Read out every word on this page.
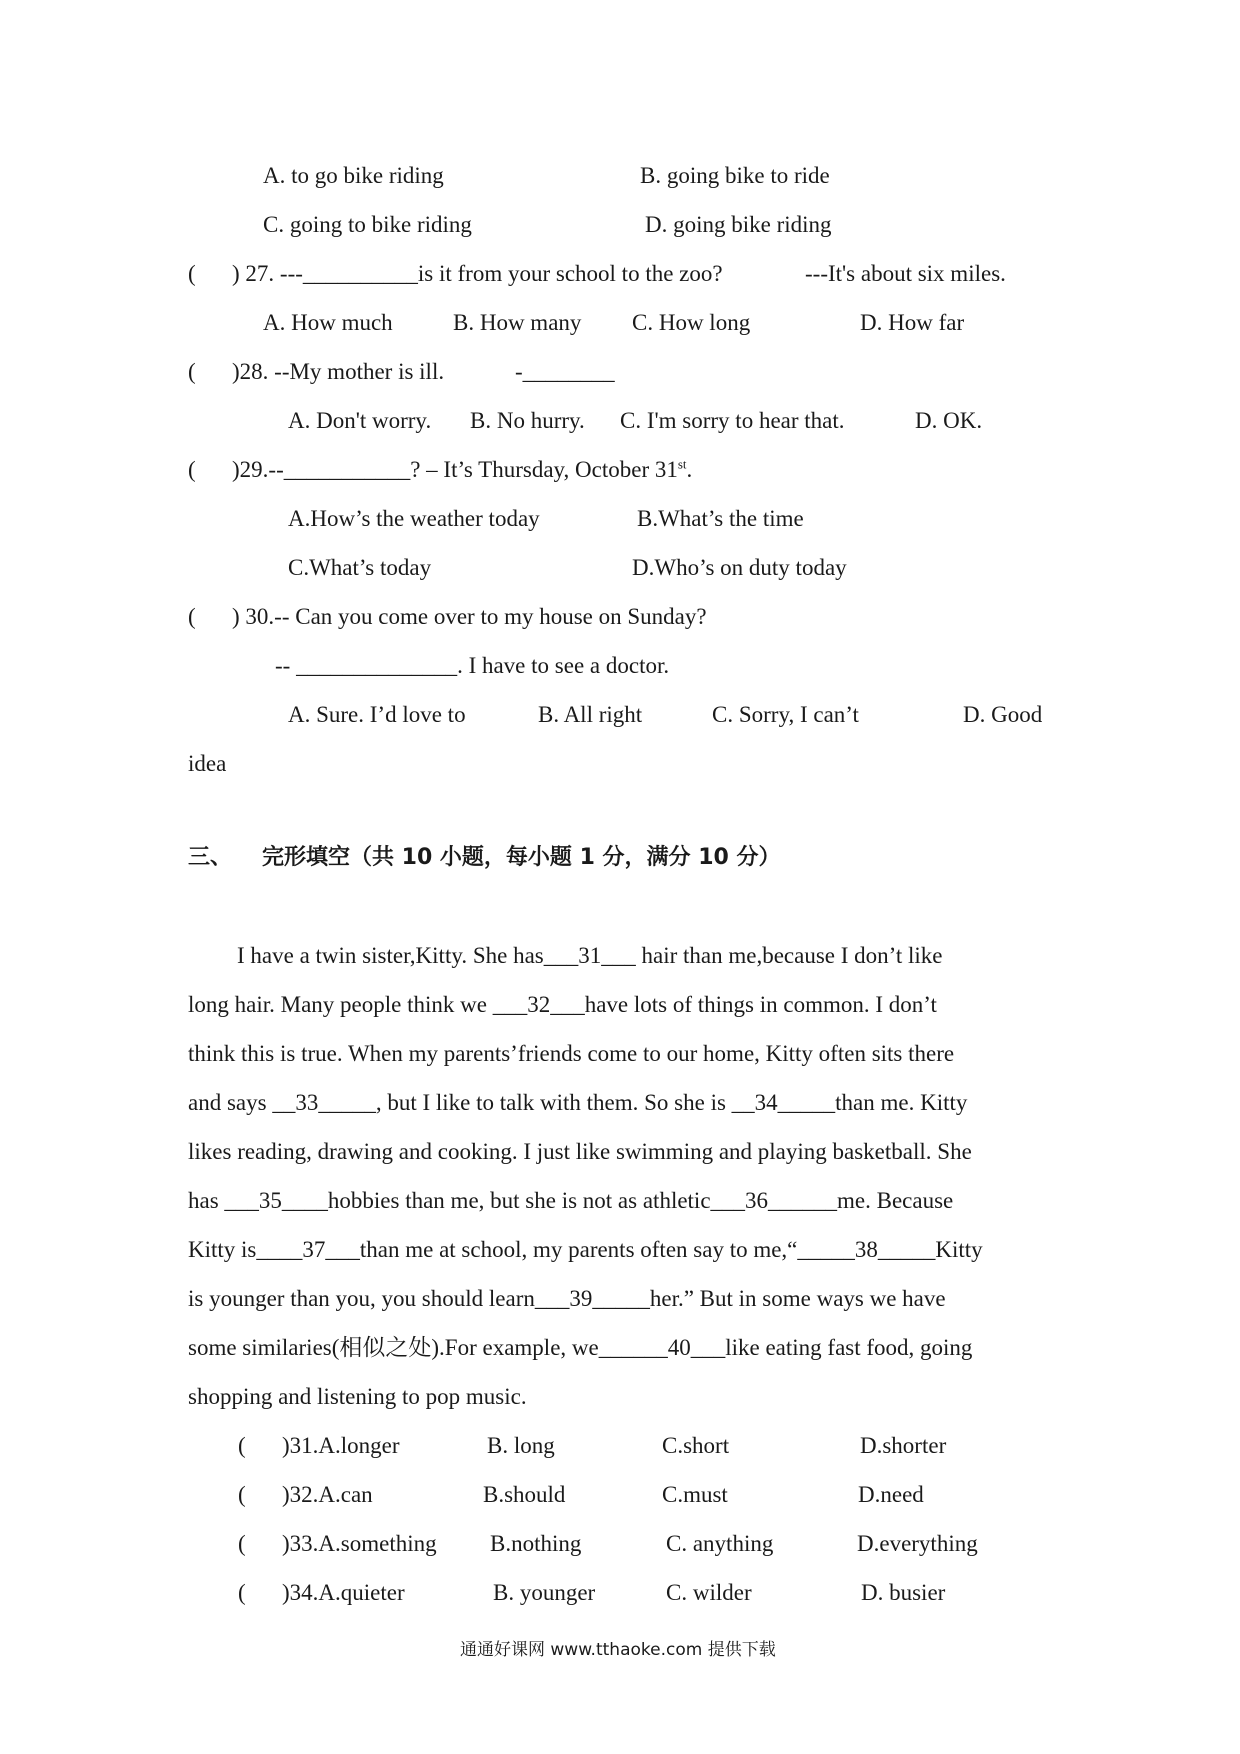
A. to go bike riding	B. going bike to ride
C. going to bike riding	D. going bike riding
( ) 27. ---__________is it from your school to the zoo?	---It's about six miles.
A. How much	B. How many C. How long	D. How far
( )28. --My mother is ill.	-________
A. Don't worry. B. No hurry. C. I'm sorry to hear that.	D. OK.
( )29.--___________? – It’s Thursday, October 31st.
A.How’s the weather today	B.What’s the time
C.What’s today	D.Who’s on duty today
( ) 30.-- Can you come over to my house on Sunday?
-- ______________. I have to see a doctor.
A. Sure. I’d love to	B. All right	C. Sorry, I can’t	D. Good
idea
三、 完形填空（共 10 小题，每小题 1 分，满分 10 分）
I have a twin sister,Kitty. She has___31___ hair than me,because I don’t like
long hair. Many people think we ___32___have lots of things in common. I don’t
think this is true. When my parents’friends come to our home, Kitty often sits there
and says __33_____, but I like to talk with them. So she is __34_____than me. Kitty
likes reading, drawing and cooking. I just like swimming and playing basketball. She
has ___35____hobbies than me, but she is not as athletic___36______me. Because
Kitty is____37___than me at school, my parents often say to me,“_____38_____Kitty
is younger than you, you should learn___39_____her.” But in some ways we have
some similaries(相似之处).For example, we______40___like eating fast food, going
shopping and listening to pop music.
( )31.A.longer	B. long	C.short	D.shorter
( )32.A.can	B.should	C.must	D.need
( )33.A.something B.nothing	C. anything	D.everything
( )34.A.quieter	B. younger	C. wilder	D. busier
通通好课网 www.tthaoke.com 提供下载
